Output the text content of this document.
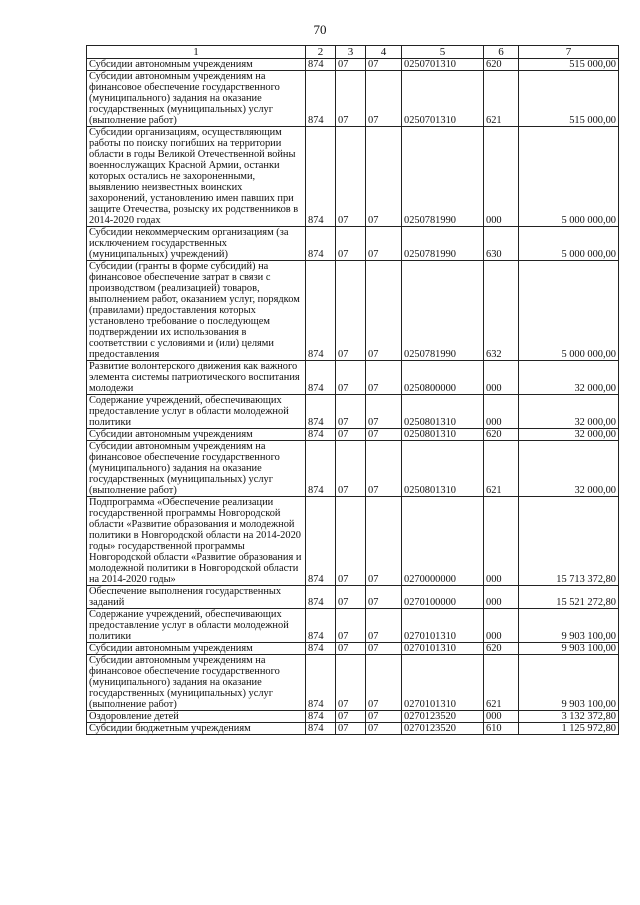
70
1	2	3	4	5	6	7
Субсидии автономным учреждениям	874	07	07	0250701310	620	515 000,00
Субсидии автономным учреждениям на финансовое обеспечение государственного (муниципального) задания на оказание государственных (муниципальных) услуг (выполнение работ)	874	07	07	0250701310	621	515 000,00
Субсидии организациям, осуществляющим работы по поиску погибших на территории области в годы Великой Отечественной войны военнослужащих Красной Армии, останки которых остались не захороненными, выявлению неизвестных воинских захоронений, установлению имен павших при защите Отечества, розыску их родственников в 2014-2020 годах	874	07	07	0250781990	000	5 000 000,00
Субсидии некоммерческим организациям (за исключением государственных (муниципальных) учреждений)	874	07	07	0250781990	630	5 000 000,00
Субсидии (гранты в форме субсидий) на финансовое обеспечение затрат в связи с производством (реализацией) товаров, выполнением работ, оказанием услуг, порядком (правилами) предоставления которых установлено требование о последующем подтверждении их использования в соответствии с условиями и (или) целями предоставления	874	07	07	0250781990	632	5 000 000,00
Развитие волонтерского движения как важного элемента системы патриотического воспитания молодежи	874	07	07	0250800000	000	32 000,00
Содержание учреждений, обеспечивающих предоставление услуг в области молодежной политики	874	07	07	0250801310	000	32 000,00
Субсидии автономным учреждениям	874	07	07	0250801310	620	32 000,00
Субсидии автономным учреждениям на финансовое обеспечение государственного (муниципального) задания на оказание государственных (муниципальных) услуг (выполнение работ)	874	07	07	0250801310	621	32 000,00
Подпрограмма «Обеспечение реализации государственной программы Новгородской области «Развитие образования и молодежной политики в Новгородской области на 2014-2020 годы» государственной программы Новгородской области «Развитие образования и молодежной политики в Новгородской области на 2014-2020 годы»	874	07	07	0270000000	000	15 713 372,80
Обеспечение выполнения государственных заданий	874	07	07	0270100000	000	15 521 272,80
Содержание учреждений, обеспечивающих предоставление услуг в области молодежной политики	874	07	07	0270101310	000	9 903 100,00
Субсидии автономным учреждениям	874	07	07	0270101310	620	9 903 100,00
Субсидии автономным учреждениям на финансовое обеспечение государственного (муниципального) задания на оказание государственных (муниципальных) услуг (выполнение работ)	874	07	07	0270101310	621	9 903 100,00
Оздоровление детей	874	07	07	0270123520	000	3 132 372,80
Субсидии бюджетным учреждениям	874	07	07	0270123520	610	1 125 972,80
